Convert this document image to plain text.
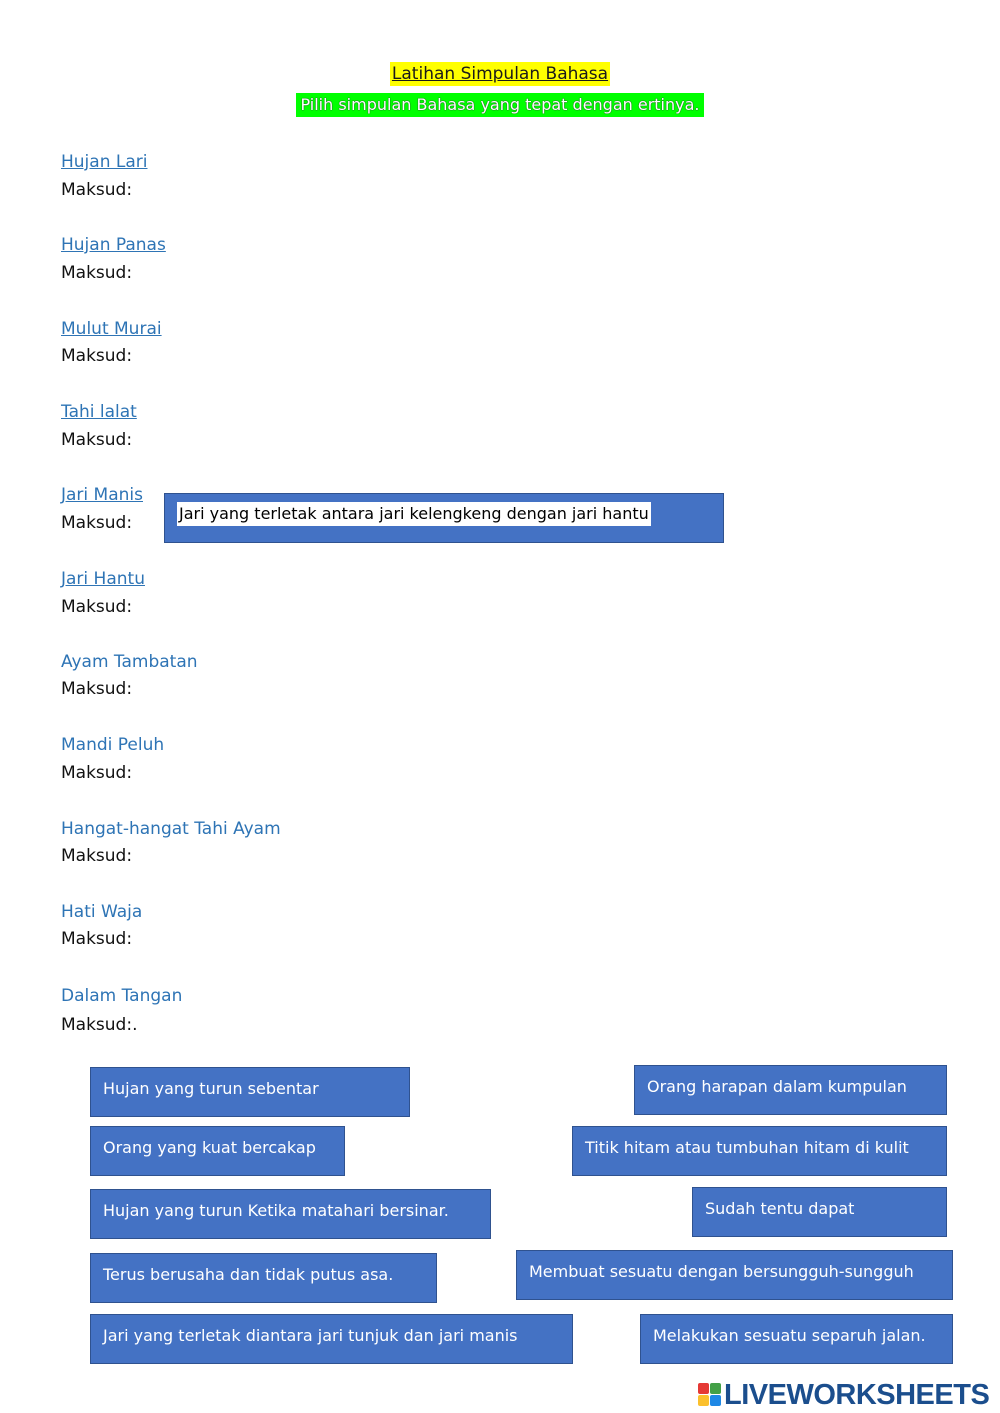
Latihan Simpulan Bahasa
Pilih simpulan Bahasa yang tepat dengan ertinya.
Hujan Lari
Maksud:
Hujan Panas
Maksud:
Mulut Murai
Maksud:
Tahi lalat
Maksud:
Jari Manis
Maksud:
Jari Hantu
Maksud:
Ayam Tambatan
Maksud:
Mandi Peluh
Maksud:
Hangat-hangat Tahi Ayam
Maksud:
Hati Waja
Maksud:
Dalam Tangan
Maksud:.
Jari yang terletak antara jari kelengkeng dengan jari hantu
Hujan yang turun sebentar	Orang harapan dalam kumpulan
Orang yang kuat bercakap	Titik hitam atau tumbuhan hitam di kulit
Hujan yang turun Ketika matahari bersinar.	Sudah tentu dapat
Terus berusaha dan tidak putus asa.	Membuat sesuatu dengan bersungguh-sungguh
Jari yang terletak diantara jari tunjuk dan jari manis	Melakukan sesuatu separuh jalan.
LIVEWORKSHEETS
